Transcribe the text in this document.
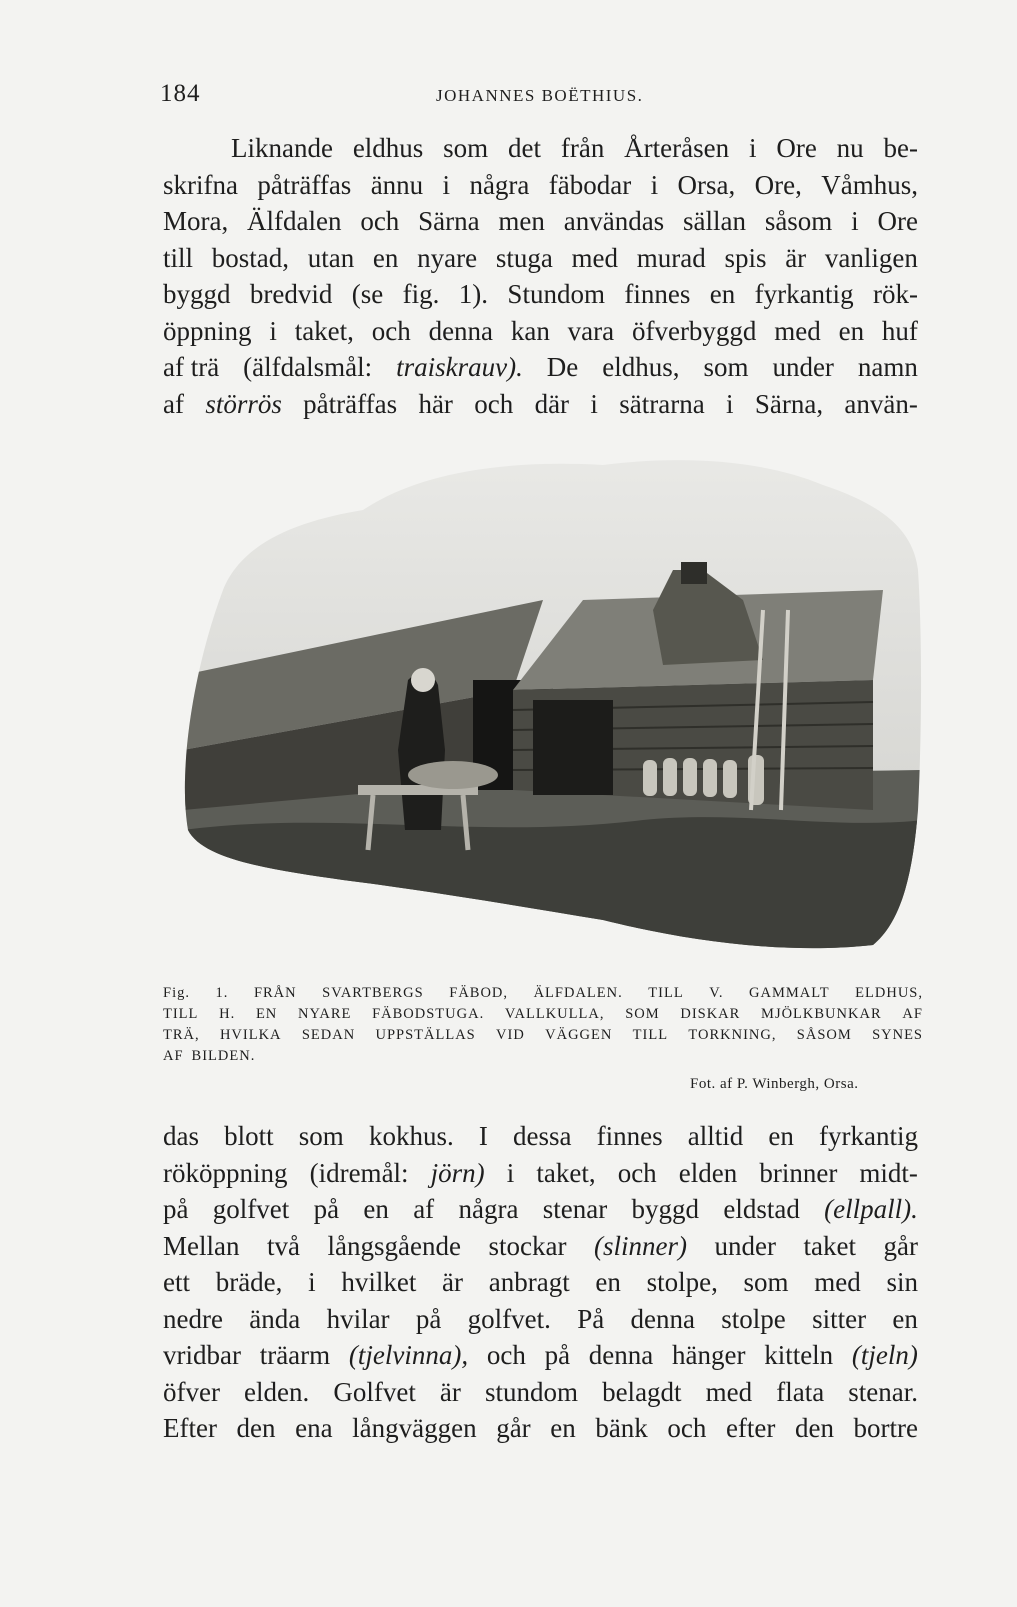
184	JOHANNES BOËTHIUS.
Liknande eldhus som det från Årteråsen i Ore nu be-
skrifna påträffas ännu i några fäbodar i Orsa, Ore, Våmhus,
Mora, Älfdalen och Särna men användas sällan såsom i Ore
till bostad, utan en nyare stuga med murad spis är vanligen
byggd bredvid (se fig. 1). Stundom finnes en fyrkantig rök-
öppning i taket, och denna kan vara öfverbyggd med en huf
af trä (älfdalsmål: traiskrauv). De eldhus, som under namn
af störrös påträffas här och där i sätrarna i Särna, använ-
Fig. 1. FRÅN SVARTBERGS FÄBOD, ÄLFDALEN. TILL V. GAMMALT ELDHUS,
TILL H. EN NYARE FÄBODSTUGA. VALLKULLA, SOM DISKAR MJÖLKBUNKAR AF
TRÄ, HVILKA SEDAN UPPSTÄLLAS VID VÄGGEN TILL TORKNING, SÅSOM SYNES
AF BILDEN.
Fot. af P. Winbergh, Orsa.
das blott som kokhus. I dessa finnes alltid en fyrkantig
rököppning (idremål: jörn) i taket, och elden brinner midt-
på golfvet på en af några stenar byggd eldstad (ellpall).
Mellan två långsgående stockar (slinner) under taket går
ett bräde, i hvilket är anbragt en stolpe, som med sin
nedre ända hvilar på golfvet. På denna stolpe sitter en
vridbar träarm (tjelvinna), och på denna hänger kitteln (tjeln)
öfver elden. Golfvet är stundom belagdt med flata stenar.
Efter den ena långväggen går en bänk och efter den bortre
